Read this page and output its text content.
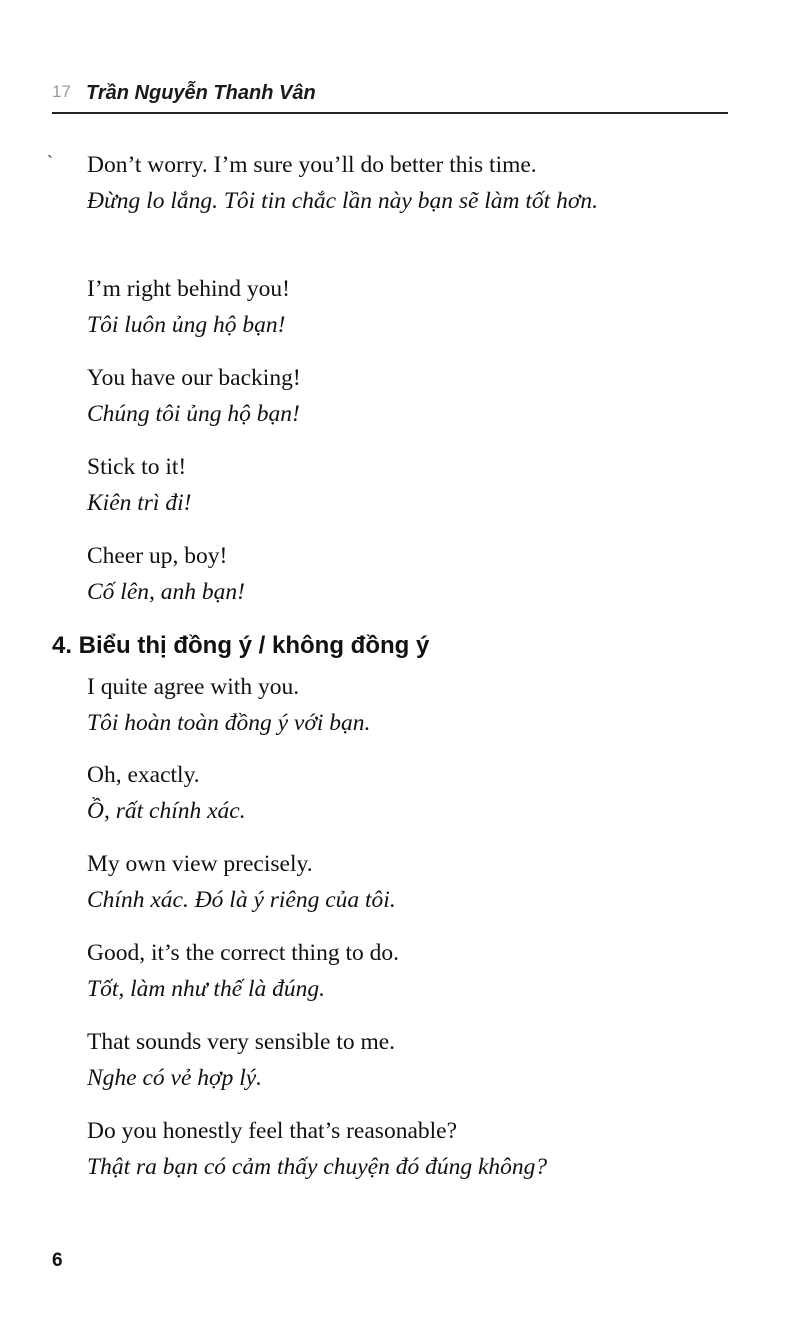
17 Trần Nguyễn Thanh Vân
ˋ Don’t worry. I’m sure you’ll do better this time.
Đừng lo lắng. Tôi tin chắc lần này bạn sẽ làm tốt hơn.
I’m right behind you!
Tôi luôn ủng hộ bạn!
You have our backing!
Chúng tôi ủng hộ bạn!
Stick to it!
Kiên trì đi!
Cheer up, boy!
Cố lên, anh bạn!
4. Biểu thị đồng ý / không đồng ý
I quite agree with you.
Tôi hoàn toàn đồng ý với bạn.
Oh, exactly.
Ồ, rất chính xác.
My own view precisely.
Chính xác. Đó là ý riêng của tôi.
Good, it’s the correct thing to do.
Tốt, làm như thế là đúng.
That sounds very sensible to me.
Nghe có vẻ hợp lý.
Do you honestly feel that’s reasonable?
Thật ra bạn có cảm thấy chuyện đó đúng không?
6
